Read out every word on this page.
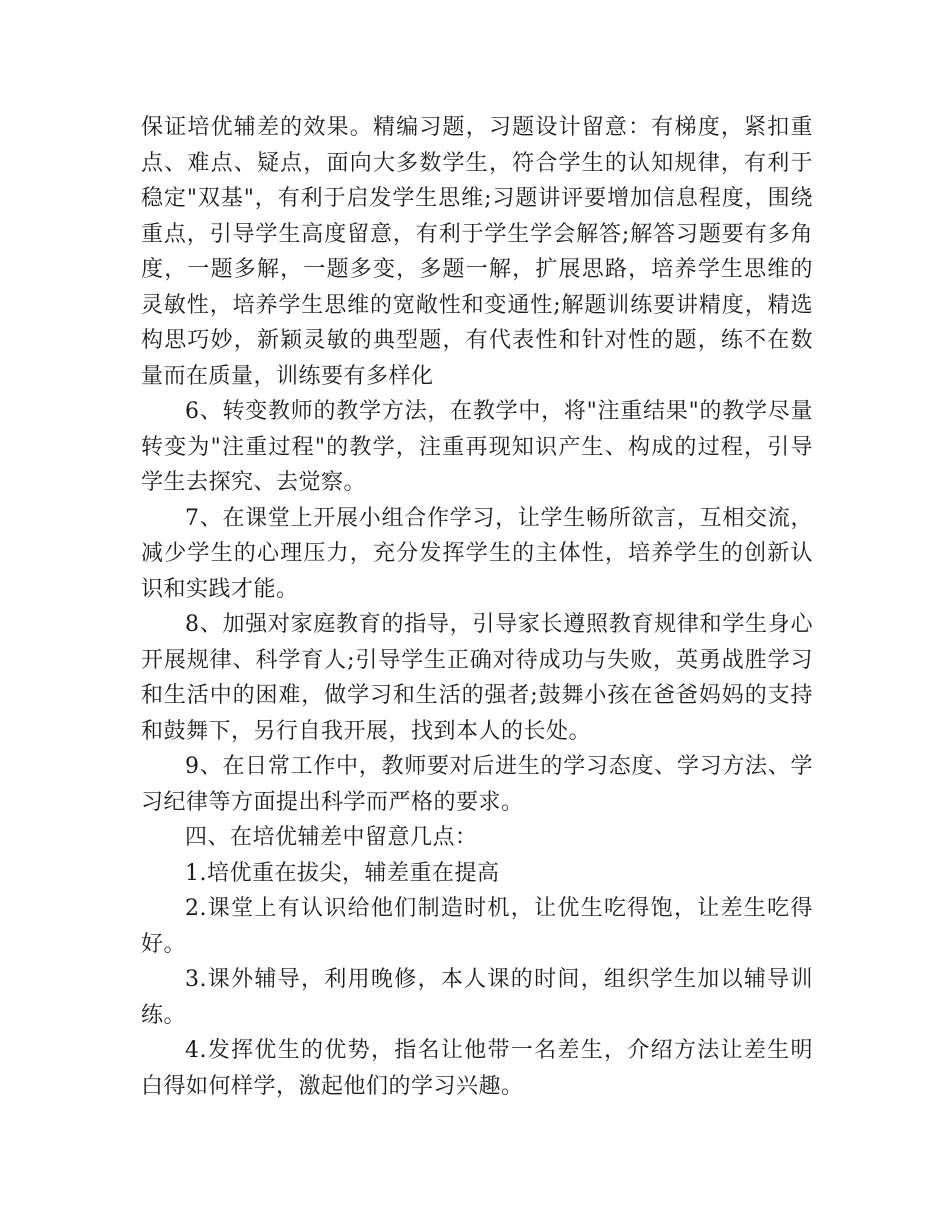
保证培优辅差的效果。精编习题，习题设计留意：有梯度，紧扣重点、难点、疑点，面向大多数学生，符合学生的认知规律，有利于稳定"双基"，有利于启发学生思维;习题讲评要增加信息程度，围绕重点，引导学生高度留意，有利于学生学会解答;解答习题要有多角度，一题多解，一题多变，多题一解，扩展思路，培养学生思维的灵敏性，培养学生思维的宽敞性和变通性;解题训练要讲精度，精选构思巧妙，新颖灵敏的典型题，有代表性和针对性的题，练不在数量而在质量，训练要有多样化

6、转变教师的教学方法，在教学中，将"注重结果"的教学尽量转变为"注重过程"的教学，注重再现知识产生、构成的过程，引导学生去探究、去觉察。

7、在课堂上开展小组合作学习，让学生畅所欲言，互相交流，减少学生的心理压力，充分发挥学生的主体性，培养学生的创新认识和实践才能。

8、加强对家庭教育的指导，引导家长遵照教育规律和学生身心开展规律、科学育人;引导学生正确对待成功与失败，英勇战胜学习和生活中的困难，做学习和生活的强者;鼓舞小孩在爸爸妈妈的支持和鼓舞下，另行自我开展，找到本人的长处。

9、在日常工作中，教师要对后进生的学习态度、学习方法、学习纪律等方面提出科学而严格的要求。

四、在培优辅差中留意几点：

1.培优重在拔尖，辅差重在提高

2.课堂上有认识给他们制造时机，让优生吃得饱，让差生吃得好。

3.课外辅导，利用晚修，本人课的时间，组织学生加以辅导训练。

4.发挥优生的优势，指名让他带一名差生，介绍方法让差生明白得如何样学，激起他们的学习兴趣。
